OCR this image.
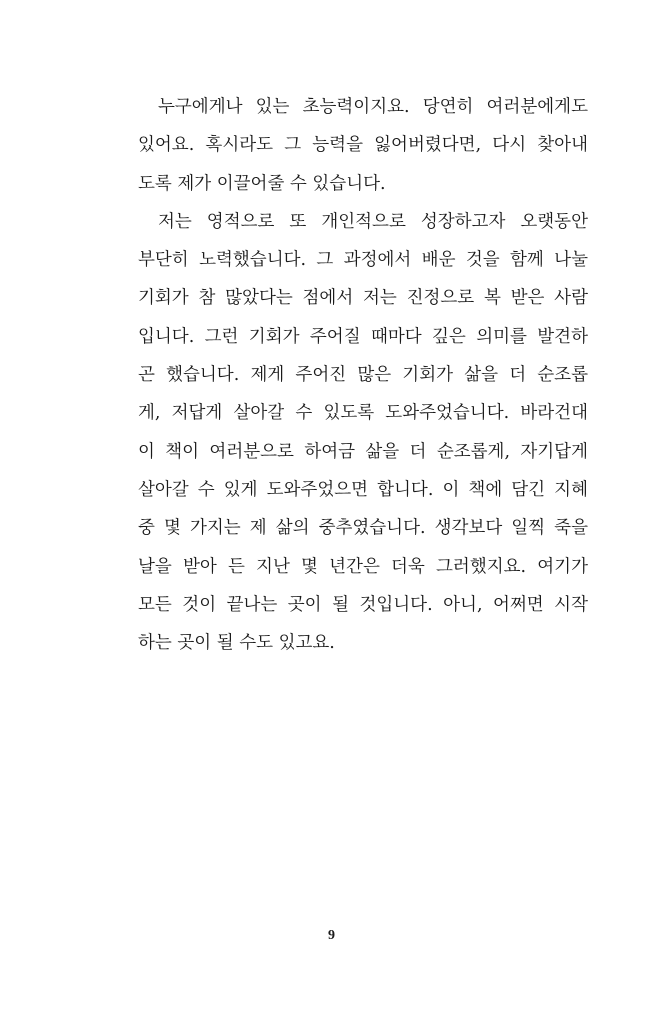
누구에게나 있는 초능력이지요. 당연히 여러분에게도
있어요. 혹시라도 그 능력을 잃어버렸다면, 다시 찾아내
도록 제가 이끌어줄 수 있습니다.
저는 영적으로 또 개인적으로 성장하고자 오랫동안
부단히 노력했습니다. 그 과정에서 배운 것을 함께 나눌
기회가 참 많았다는 점에서 저는 진정으로 복 받은 사람
입니다. 그런 기회가 주어질 때마다 깊은 의미를 발견하
곤 했습니다. 제게 주어진 많은 기회가 삶을 더 순조롭
게, 저답게 살아갈 수 있도록 도와주었습니다. 바라건대
이 책이 여러분으로 하여금 삶을 더 순조롭게, 자기답게
살아갈 수 있게 도와주었으면 합니다. 이 책에 담긴 지혜
중 몇 가지는 제 삶의 중추였습니다. 생각보다 일찍 죽을
날을 받아 든 지난 몇 년간은 더욱 그러했지요. 여기가
모든 것이 끝나는 곳이 될 것입니다. 아니, 어쩌면 시작
하는 곳이 될 수도 있고요.
9
